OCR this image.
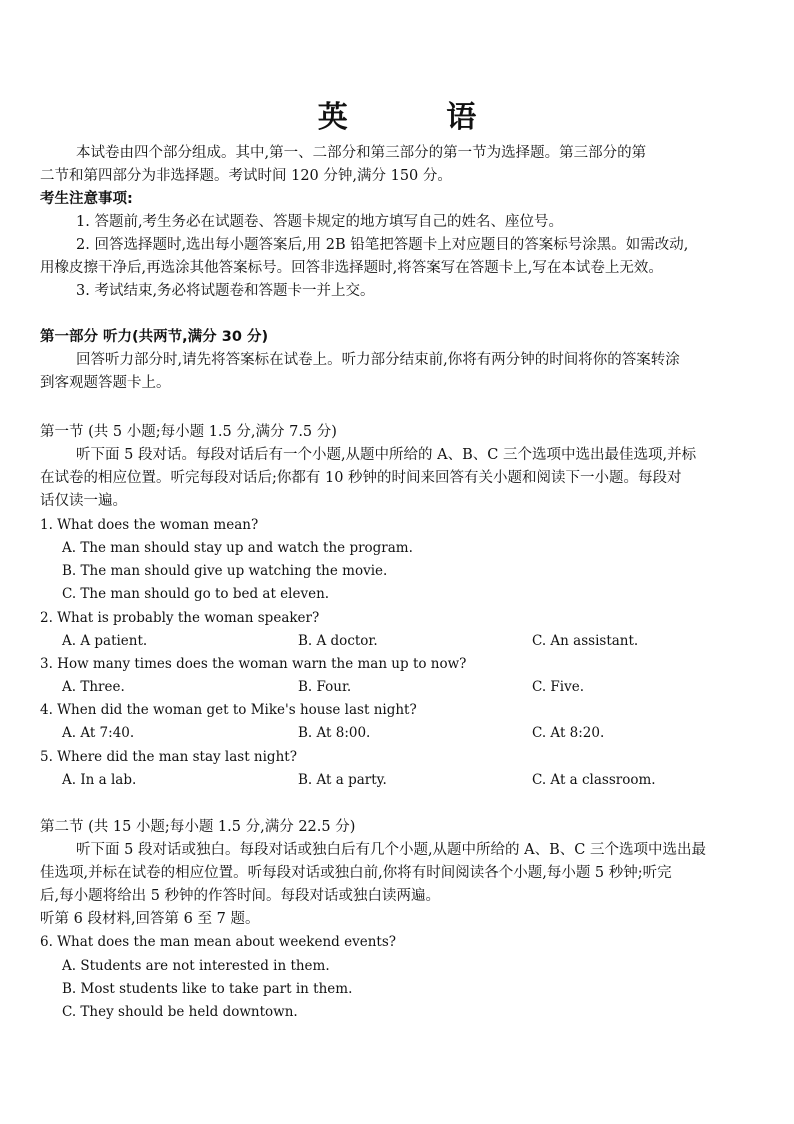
英 语
本试卷由四个部分组成。其中,第一、二部分和第三部分的第一节为选择题。第三部分的第
二节和第四部分为非选择题。考试时间 120 分钟,满分 150 分。
考生注意事项:
1. 答题前,考生务必在试题卷、答题卡规定的地方填写自己的姓名、座位号。
2. 回答选择题时,选出每小题答案后,用 2B 铅笔把答题卡上对应题目的答案标号涂黑。如需改动,
用橡皮擦干净后,再选涂其他答案标号。回答非选择题时,将答案写在答题卡上,写在本试卷上无效。
3. 考试结束,务必将试题卷和答题卡一并上交。
第一部分 听力(共两节,满分 30 分)
回答听力部分时,请先将答案标在试卷上。听力部分结束前,你将有两分钟的时间将你的答案转涂
到客观题答题卡上。
第一节 (共 5 小题;每小题 1.5 分,满分 7.5 分)
听下面 5 段对话。每段对话后有一个小题,从题中所给的 A、B、C 三个选项中选出最佳选项,并标
在试卷的相应位置。听完每段对话后;你都有 10 秒钟的时间来回答有关小题和阅读下一小题。每段对
话仅读一遍。
1. What does the woman mean?
A. The man should stay up and watch the program.
B. The man should give up watching the movie.
C. The man should go to bed at eleven.
2. What is probably the woman speaker?
A. A patient.	B. A doctor.	C. An assistant.
3. How many times does the woman warn the man up to now?
A. Three.	B. Four.	C. Five.
4. When did the woman get to Mike's house last night?
A. At 7:40.	B. At 8:00.	C. At 8:20.
5. Where did the man stay last night?
A. In a lab.	B. At a party.	C. At a classroom.
第二节 (共 15 小题;每小题 1.5 分,满分 22.5 分)
听下面 5 段对话或独白。每段对话或独白后有几个小题,从题中所给的 A、B、C 三个选项中选出最
佳选项,并标在试卷的相应位置。听每段对话或独白前,你将有时间阅读各个小题,每小题 5 秒钟;听完
后,每小题将给出 5 秒钟的作答时间。每段对话或独白读两遍。
听第 6 段材料,回答第 6 至 7 题。
6. What does the man mean about weekend events?
A. Students are not interested in them.
B. Most students like to take part in them.
C. They should be held downtown.
